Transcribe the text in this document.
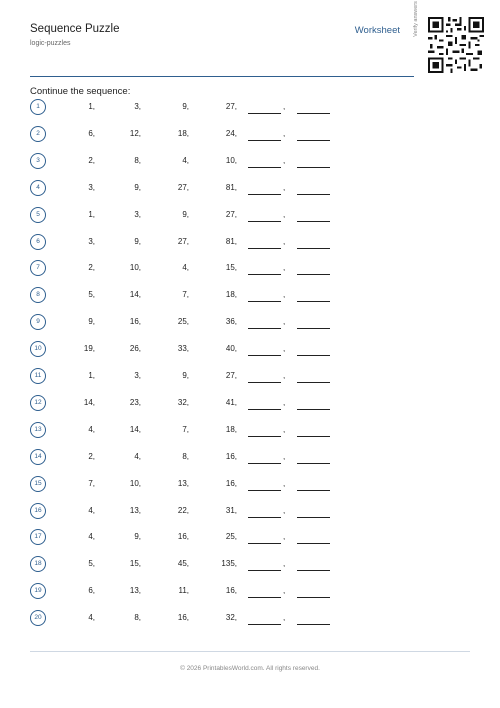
Sequence Puzzle
logic-puzzles
Worksheet Verify answers
Continue the sequence:
1	1,	3,	9,	27,	,
2	6,	12,	18,	24,	,
3	2,	8,	4,	10,	,
4	3,	9,	27,	81,	,
5	1,	3,	9,	27,	,
6	3,	9,	27,	81,	,
7	2,	10,	4,	15,	,
8	5,	14,	7,	18,	,
9	9,	16,	25,	36,	,
10	19,	26,	33,	40,	,
11	1,	3,	9,	27,	,
12	14,	23,	32,	41,	,
13	4,	14,	7,	18,	,
14	2,	4,	8,	16,	,
15	7,	10,	13,	16,	,
16	4,	13,	22,	31,	,
17	4,	9,	16,	25,	,
18	5,	15,	45,	135,	,
19	6,	13,	11,	16,	,
20	4,	8,	16,	32,	,
© 2026 PrintablesWorld.com. All rights reserved.
